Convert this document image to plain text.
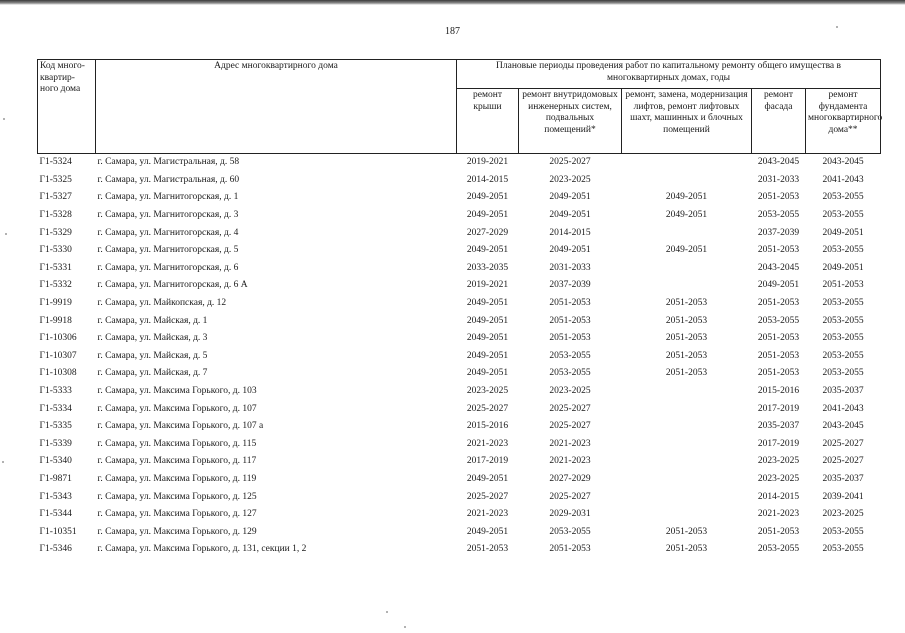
187
Код много-квартир-ного дома	Адрес многоквартирного дома	Плановые периоды проведения работ по капитальному ремонту общего имущества в многоквартирных домах, годы				
		ремонт крыши	ремонт внутридомовых инженерных систем, подвальных помещений*	ремонт, замена, модернизация лифтов, ремонт лифтовых шахт, машинных и блочных помещений	ремонт фасада	ремонт фундамента многоквартирного дома**
Г1-5324	г. Самара, ул. Магистральная, д. 58	2019-2021	2025-2027		2043-2045	2043-2045
Г1-5325	г. Самара, ул. Магистральная, д. 60	2014-2015	2023-2025		2031-2033	2041-2043
Г1-5327	г. Самара, ул. Магнитогорская, д. 1	2049-2051	2049-2051	2049-2051	2051-2053	2053-2055
Г1-5328	г. Самара, ул. Магнитогорская, д. 3	2049-2051	2049-2051	2049-2051	2053-2055	2053-2055
Г1-5329	г. Самара, ул. Магнитогорская, д. 4	2027-2029	2014-2015		2037-2039	2049-2051
Г1-5330	г. Самара, ул. Магнитогорская, д. 5	2049-2051	2049-2051	2049-2051	2051-2053	2053-2055
Г1-5331	г. Самара, ул. Магнитогорская, д. 6	2033-2035	2031-2033		2043-2045	2049-2051
Г1-5332	г. Самара, ул. Магнитогорская, д. 6 А	2019-2021	2037-2039		2049-2051	2051-2053
Г1-9919	г. Самара, ул. Майкопская, д. 12	2049-2051	2051-2053	2051-2053	2051-2053	2053-2055
Г1-9918	г. Самара, ул. Майская, д. 1	2049-2051	2051-2053	2051-2053	2053-2055	2053-2055
Г1-10306	г. Самара, ул. Майская, д. 3	2049-2051	2051-2053	2051-2053	2051-2053	2053-2055
Г1-10307	г. Самара, ул. Майская, д. 5	2049-2051	2053-2055	2051-2053	2051-2053	2053-2055
Г1-10308	г. Самара, ул. Майская, д. 7	2049-2051	2053-2055	2051-2053	2051-2053	2053-2055
Г1-5333	г. Самара, ул. Максима Горького, д. 103	2023-2025	2023-2025		2015-2016	2035-2037
Г1-5334	г. Самара, ул. Максима Горького, д. 107	2025-2027	2025-2027		2017-2019	2041-2043
Г1-5335	г. Самара, ул. Максима Горького, д. 107 а	2015-2016	2025-2027		2035-2037	2043-2045
Г1-5339	г. Самара, ул. Максима Горького, д. 115	2021-2023	2021-2023		2017-2019	2025-2027
Г1-5340	г. Самара, ул. Максима Горького, д. 117	2017-2019	2021-2023		2023-2025	2025-2027
Г1-9871	г. Самара, ул. Максима Горького, д. 119	2049-2051	2027-2029		2023-2025	2035-2037
Г1-5343	г. Самара, ул. Максима Горького, д. 125	2025-2027	2025-2027		2014-2015	2039-2041
Г1-5344	г. Самара, ул. Максима Горького, д. 127	2021-2023	2029-2031		2021-2023	2023-2025
Г1-10351	г. Самара, ул. Максима Горького, д. 129	2049-2051	2053-2055	2051-2053	2051-2053	2053-2055
Г1-5346	г. Самара, ул. Максима Горького, д. 131, секции 1, 2	2051-2053	2051-2053	2051-2053	2053-2055	2053-2055
